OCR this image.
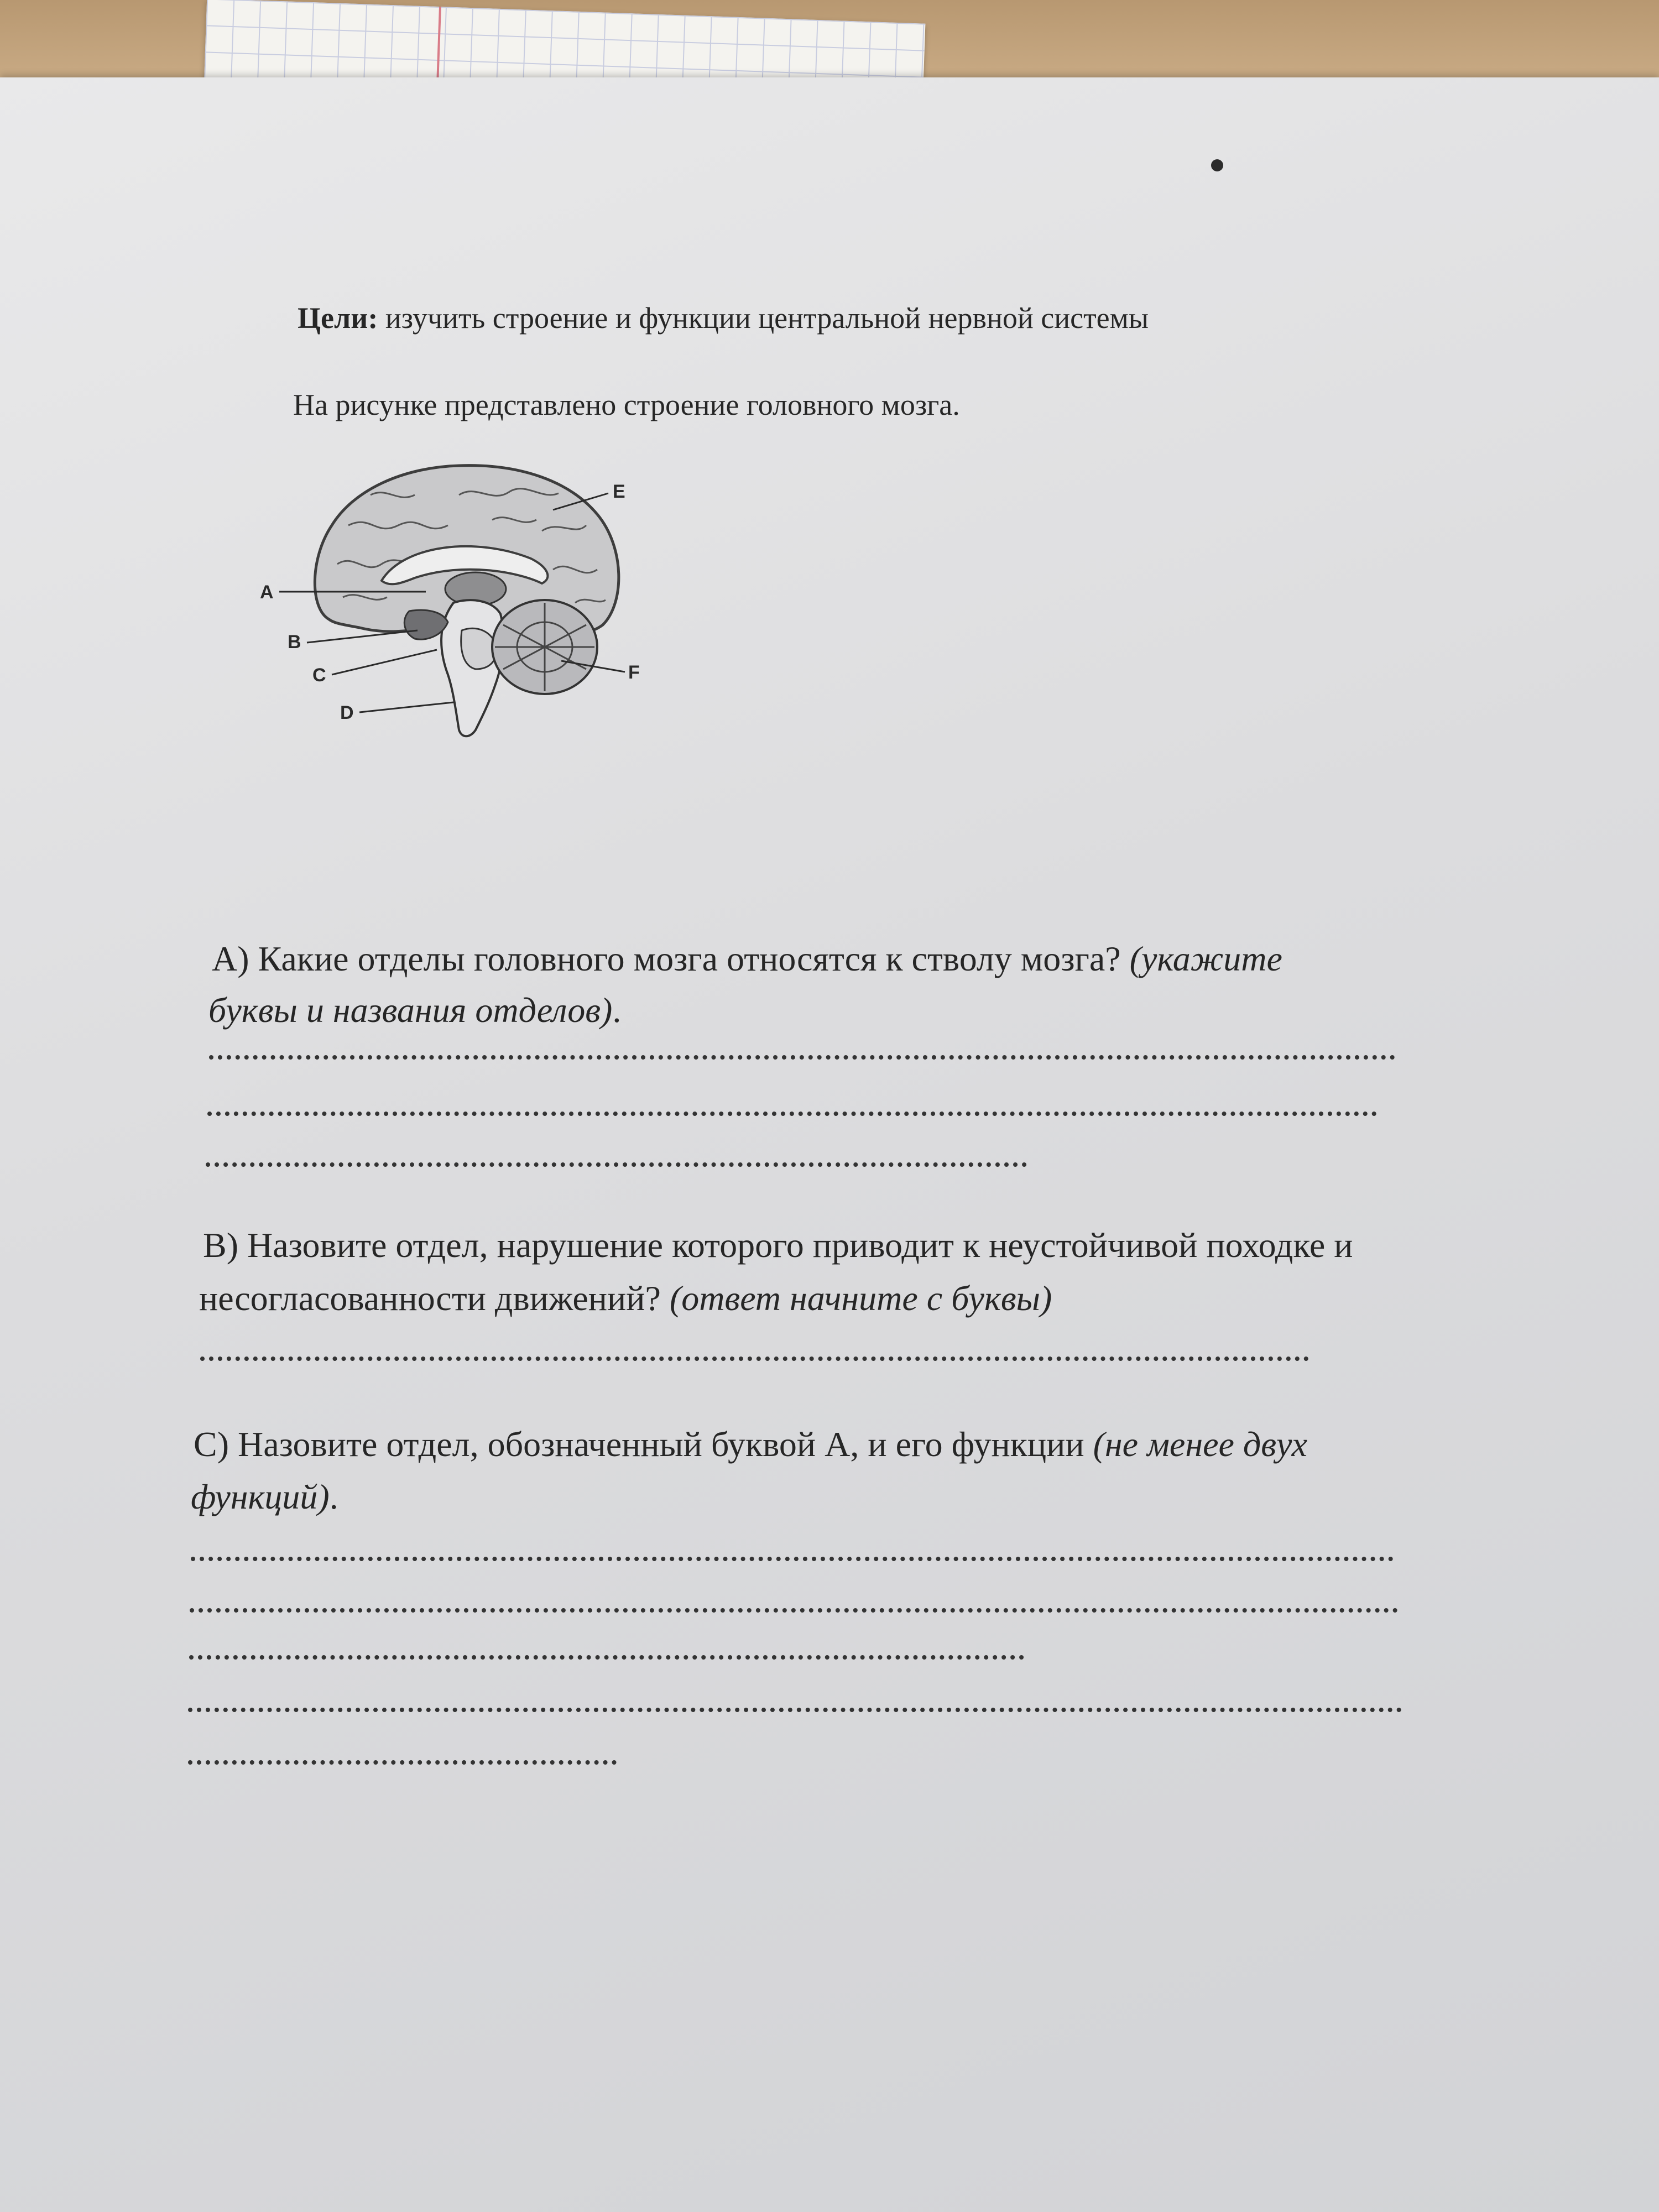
Цели: изучить строение и функции центральной нервной системы
На рисунке представлено строение головного мозга.
A
B
C
D
E
F
А) Какие отделы головного мозга относятся к стволу мозга? (укажите
буквы и названия отделов).
В) Назовите отдел, нарушение которого приводит к неустойчивой походке и
несогласованности движений? (ответ начните с буквы)
С) Назовите отдел, обозначенный буквой А, и его функции (не менее двух
функций).
